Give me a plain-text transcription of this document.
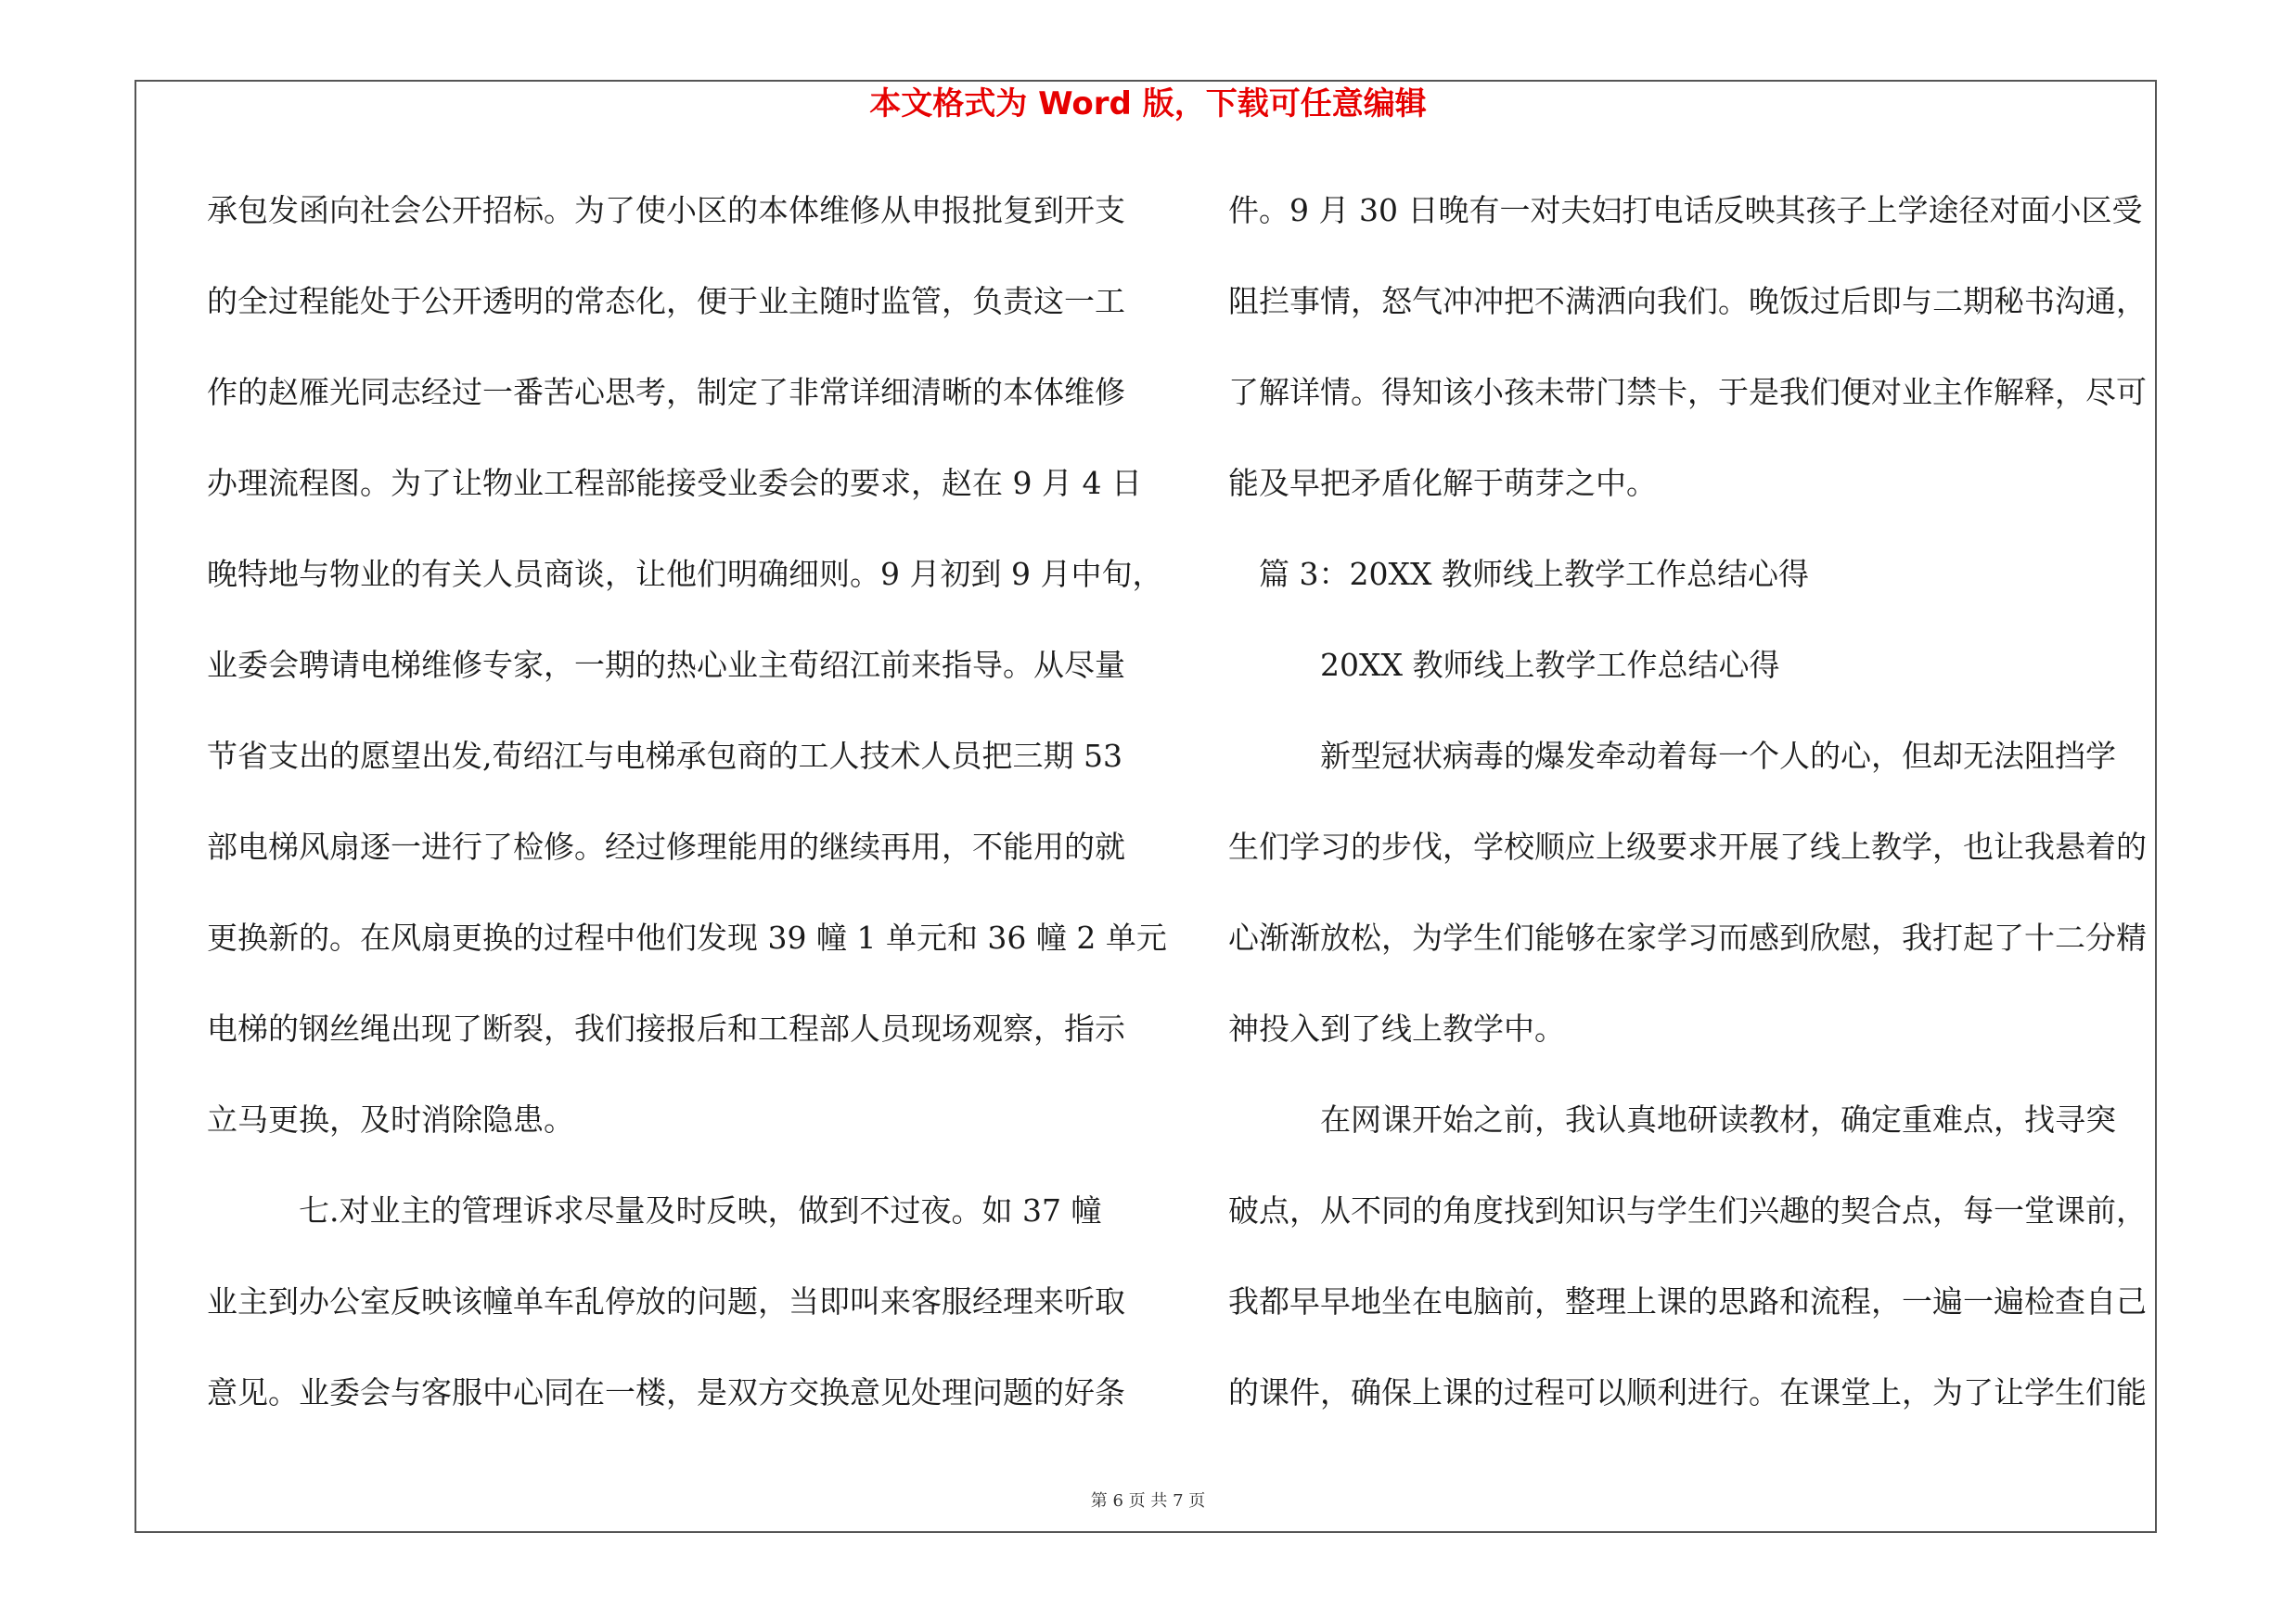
本文格式为 Word 版，下载可任意编辑
承包发函向社会公开招标。为了使小区的本体维修从申报批复到开支
的全过程能处于公开透明的常态化，便于业主随时监管，负责这一工
作的赵雁光同志经过一番苦心思考，制定了非常详细清晰的本体维修
办理流程图。为了让物业工程部能接受业委会的要求，赵在 9 月 4 日
晚特地与物业的有关人员商谈，让他们明确细则。9 月初到 9 月中旬，
业委会聘请电梯维修专家，一期的热心业主荀绍江前来指导。从尽量
节省支出的愿望出发,荀绍江与电梯承包商的工人技术人员把三期 53
部电梯风扇逐一进行了检修。经过修理能用的继续再用，不能用的就
更换新的。在风扇更换的过程中他们发现 39 幢 1 单元和 36 幢 2 单元
电梯的钢丝绳出现了断裂，我们接报后和工程部人员现场观察，指示
立马更换，及时消除隐患。
　　　七.对业主的管理诉求尽量及时反映，做到不过夜。如 37 幢
业主到办公室反映该幢单车乱停放的问题，当即叫来客服经理来听取
意见。业委会与客服中心同在一楼，是双方交换意见处理问题的好条
件。9 月 30 日晚有一对夫妇打电话反映其孩子上学途径对面小区受
阻拦事情，怒气冲冲把不满洒向我们。晚饭过后即与二期秘书沟通，
了解详情。得知该小孩未带门禁卡，于是我们便对业主作解释，尽可
能及早把矛盾化解于萌芽之中。
　篇 3：20XX 教师线上教学工作总结心得
　　　20XX 教师线上教学工作总结心得
　　　新型冠状病毒的爆发牵动着每一个人的心，但却无法阻挡学
生们学习的步伐，学校顺应上级要求开展了线上教学，也让我悬着的
心渐渐放松，为学生们能够在家学习而感到欣慰，我打起了十二分精
神投入到了线上教学中。
　　　在网课开始之前，我认真地研读教材，确定重难点，找寻突
破点，从不同的角度找到知识与学生们兴趣的契合点，每一堂课前，
我都早早地坐在电脑前，整理上课的思路和流程，一遍一遍检查自己
的课件，确保上课的过程可以顺利进行。在课堂上，为了让学生们能
第 6 页 共 7 页
